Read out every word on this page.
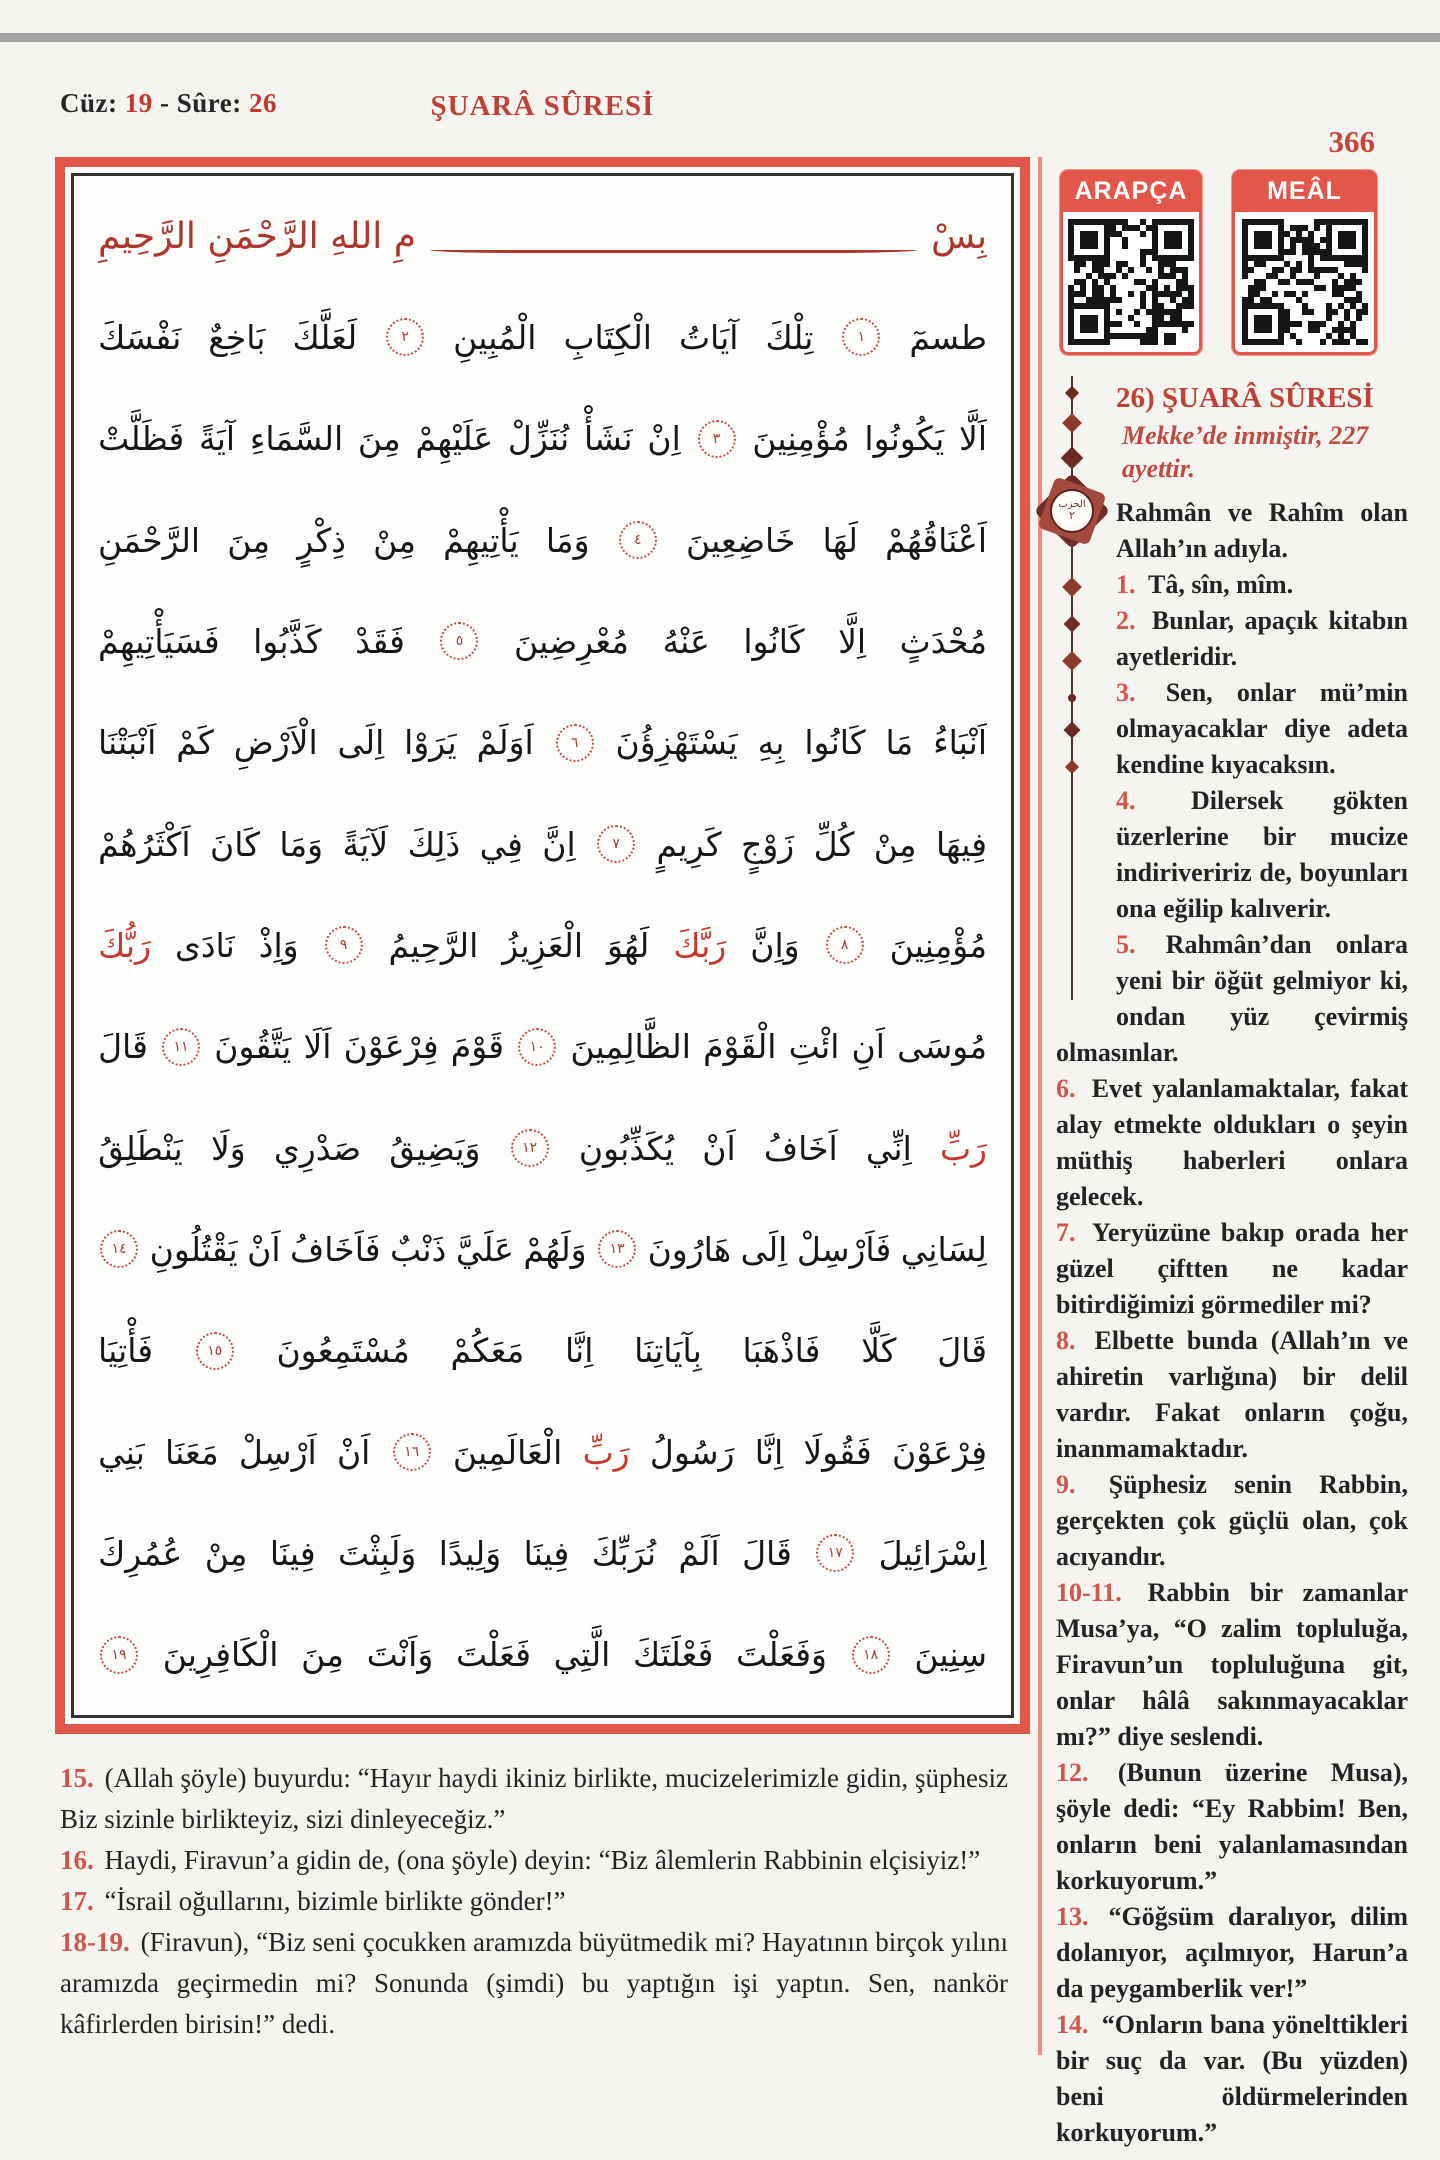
Cüz: 19 - Sûre: 26	ŞUARÂ SÛRESİ
366
ARAPÇA	MEÂL
بِسْ
مِ اللهِ الرَّحْمَنِ الرَّحِيمِ
طسمٓ
١
تِلْكَ
آيَاتُ
الْكِتَابِ
الْمُبِينِ
٢
لَعَلَّكَ
بَاخِعٌ
نَفْسَكَ
اَلَّا
يَكُونُوا
مُؤْمِنِينَ
٣
اِنْ
نَشَأْ
نُنَزِّلْ
عَلَيْهِمْ
مِنَ
السَّمَاءِ
آيَةً
فَظَلَّتْ
اَعْنَاقُهُمْ
لَهَا
خَاضِعِينَ
٤
وَمَا
يَأْتِيهِمْ
مِنْ
ذِكْرٍ
مِنَ
الرَّحْمَنِ
مُحْدَثٍ
اِلَّا
كَانُوا
عَنْهُ
مُعْرِضِينَ
٥
فَقَدْ
كَذَّبُوا
فَسَيَأْتِيهِمْ
اَنْبَاءُ
مَا
كَانُوا
بِهِ
يَسْتَهْزِؤُنَ
٦
اَوَلَمْ
يَرَوْا
اِلَى
الْاَرْضِ
كَمْ
اَنْبَتْنَا
فِيهَا
مِنْ
كُلِّ
زَوْجٍ
كَرِيمٍ
٧
اِنَّ
فِي
ذَلِكَ
لَآيَةً
وَمَا
كَانَ
اَكْثَرُهُمْ
مُؤْمِنِينَ
٨
وَاِنَّ
رَبَّكَ
لَهُوَ
الْعَزِيزُ
الرَّحِيمُ
٩
وَاِذْ
نَادَى
رَبُّكَ
مُوسَى
اَنِ
ائْتِ
الْقَوْمَ
الظَّالِمِينَ
١٠
قَوْمَ
فِرْعَوْنَ
اَلَا
يَتَّقُونَ
١١
قَالَ
رَبِّ
اِنِّي
اَخَافُ
اَنْ
يُكَذِّبُونِ
١٢
وَيَضِيقُ
صَدْرِي
وَلَا
يَنْطَلِقُ
لِسَانِي
فَاَرْسِلْ
اِلَى
هَارُونَ
١٣
وَلَهُمْ
عَلَيَّ
ذَنْبٌ
فَاَخَافُ
اَنْ
يَقْتُلُونِ
١٤
قَالَ
كَلَّا
فَاذْهَبَا
بِآيَاتِنَا
اِنَّا
مَعَكُمْ
مُسْتَمِعُونَ
١٥
فَأْتِيَا
فِرْعَوْنَ
فَقُولَا
اِنَّا
رَسُولُ
رَبِّ
الْعَالَمِينَ
١٦
اَنْ
اَرْسِلْ
مَعَنَا
بَنِي
اِسْرَائِيلَ
١٧
قَالَ
اَلَمْ
نُرَبِّكَ
فِينَا
وَلِيدًا
وَلَبِثْتَ
فِينَا
مِنْ
عُمُرِكَ
سِنِينَ
١٨
وَفَعَلْتَ
فَعْلَتَكَ
الَّتِي
فَعَلْتَ
وَاَنْتَ
مِنَ
الْكَافِرِينَ
١٩
الحزب
٢
26) ŞUARÂ SÛRESİ
Mekke’de inmiştir, 227 ayettir.

Rahmân ve Rahîm olan Allah’ın adıyla.

1. Tâ, sîn, mîm.

2. Bunlar, apaçık kitabın ayetleridir.

3. Sen, onlar mü’min olmayacaklar diye adeta kendine kıyacaksın.

4. Dilersek gökten üzerlerine bir mucize indiriveririz de, boyunları ona eğilip kalıverir.

5. Rahmân’dan onlara yeni bir öğüt gelmiyor ki, ondan yüz çevirmiş olmasınlar.

6. Evet yalanlamaktalar, fakat alay etmekte oldukları o şeyin müthiş haberleri onlara gelecek.

7. Yeryüzüne bakıp orada her güzel çiftten ne kadar bitirdiğimizi görmediler mi?

8. Elbette bunda (Allah’ın ve ahiretin varlığına) bir delil vardır. Fakat onların çoğu, inanmamaktadır.

9. Şüphesiz senin Rabbin, gerçekten çok güçlü olan, çok acıyandır.

10-11. Rabbin bir zamanlar Musa’ya, “O zalim topluluğa, Firavun’un topluluğuna git, onlar hâlâ sakınmayacaklar mı?” diye seslendi.

12. (Bunun üzerine Musa), şöyle dedi: “Ey Rabbim! Ben, onların beni yalanlamasından korkuyorum.”

13. “Göğsüm daralıyor, dilim dolanıyor, açılmıyor, Harun’a da peygamberlik ver!”

14. “Onların bana yönelttikleri bir suç da var. (Bu yüzden) beni öldürmelerinden korkuyorum.”

15. (Allah şöyle) buyurdu: “Hayır haydi ikiniz birlikte, mucizelerimizle gidin, şüphesiz Biz sizinle birlikteyiz, sizi dinleyeceğiz.”

16. Haydi, Firavun’a gidin de, (ona şöyle) deyin: “Biz âlemlerin Rabbinin elçisiyiz!”

17. “İsrail oğullarını, bizimle birlikte gönder!”

18-19. (Firavun), “Biz seni çocukken aramızda büyütmedik mi? Hayatının birçok yılını aramızda geçirmedin mi? Sonunda (şimdi) bu yaptığın işi yaptın. Sen, nankör kâfirlerden birisin!” dedi.
